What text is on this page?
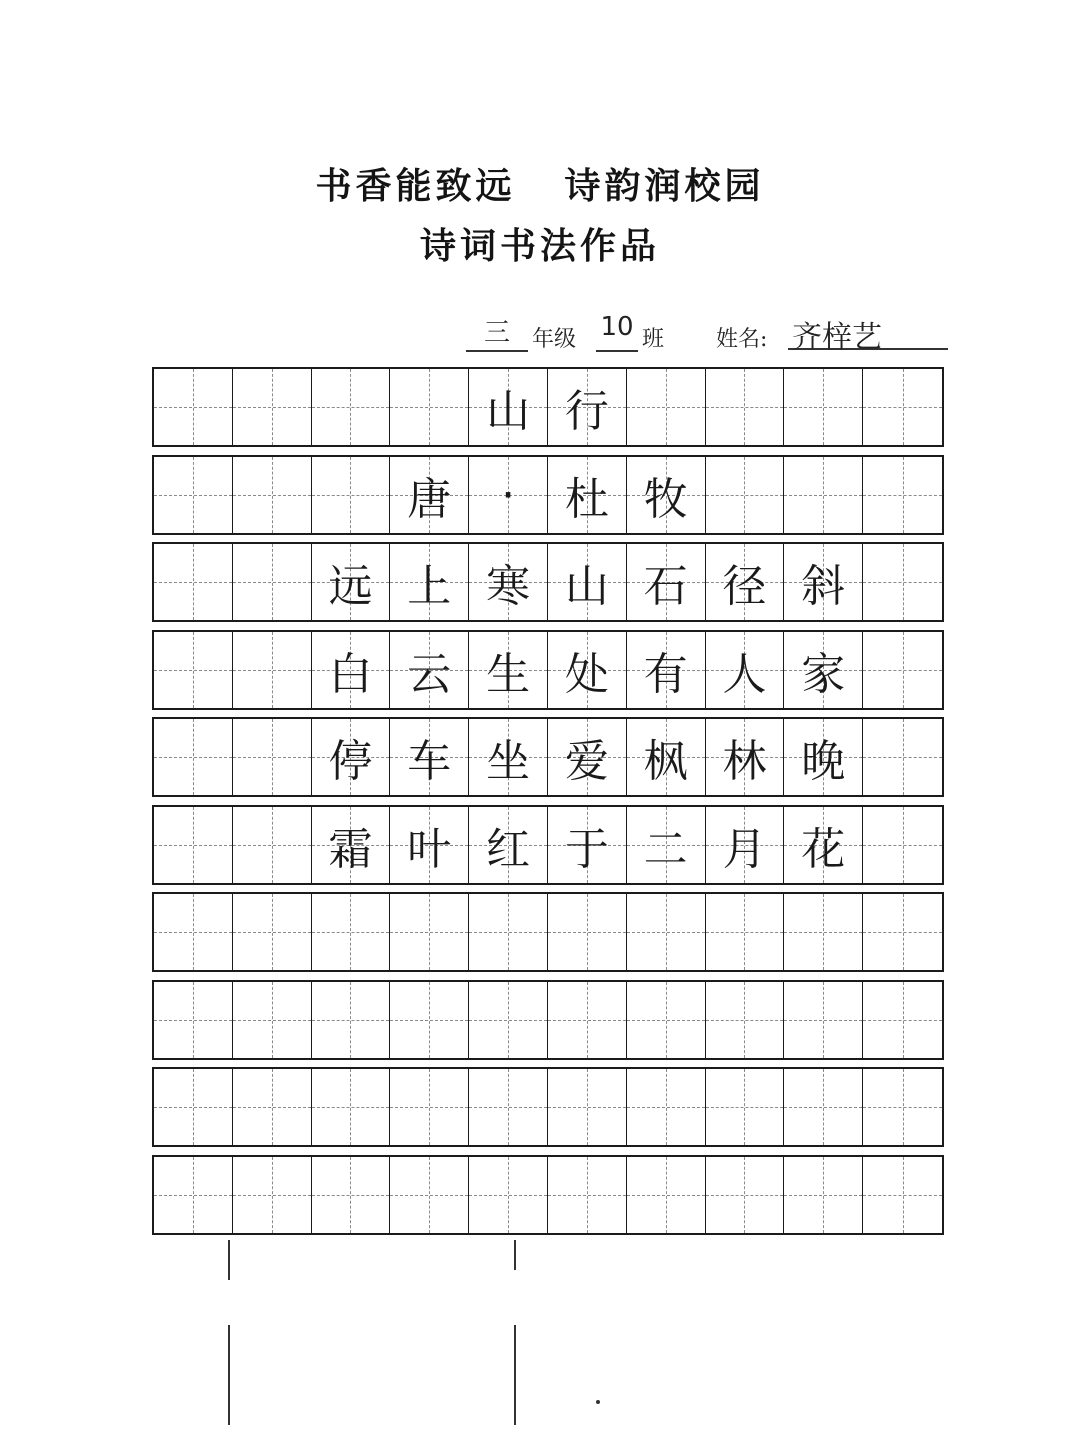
书香能致远 诗韵润校园
诗词书法作品
三	年级 10 班 姓名: 齐梓艺
山 行
唐 · 杜 牧
远 上 寒 山 石 径 斜
白 云 生 处 有 人 家
停 车 坐 爱 枫 林 晚
霜 叶 红 于 二 月 花
